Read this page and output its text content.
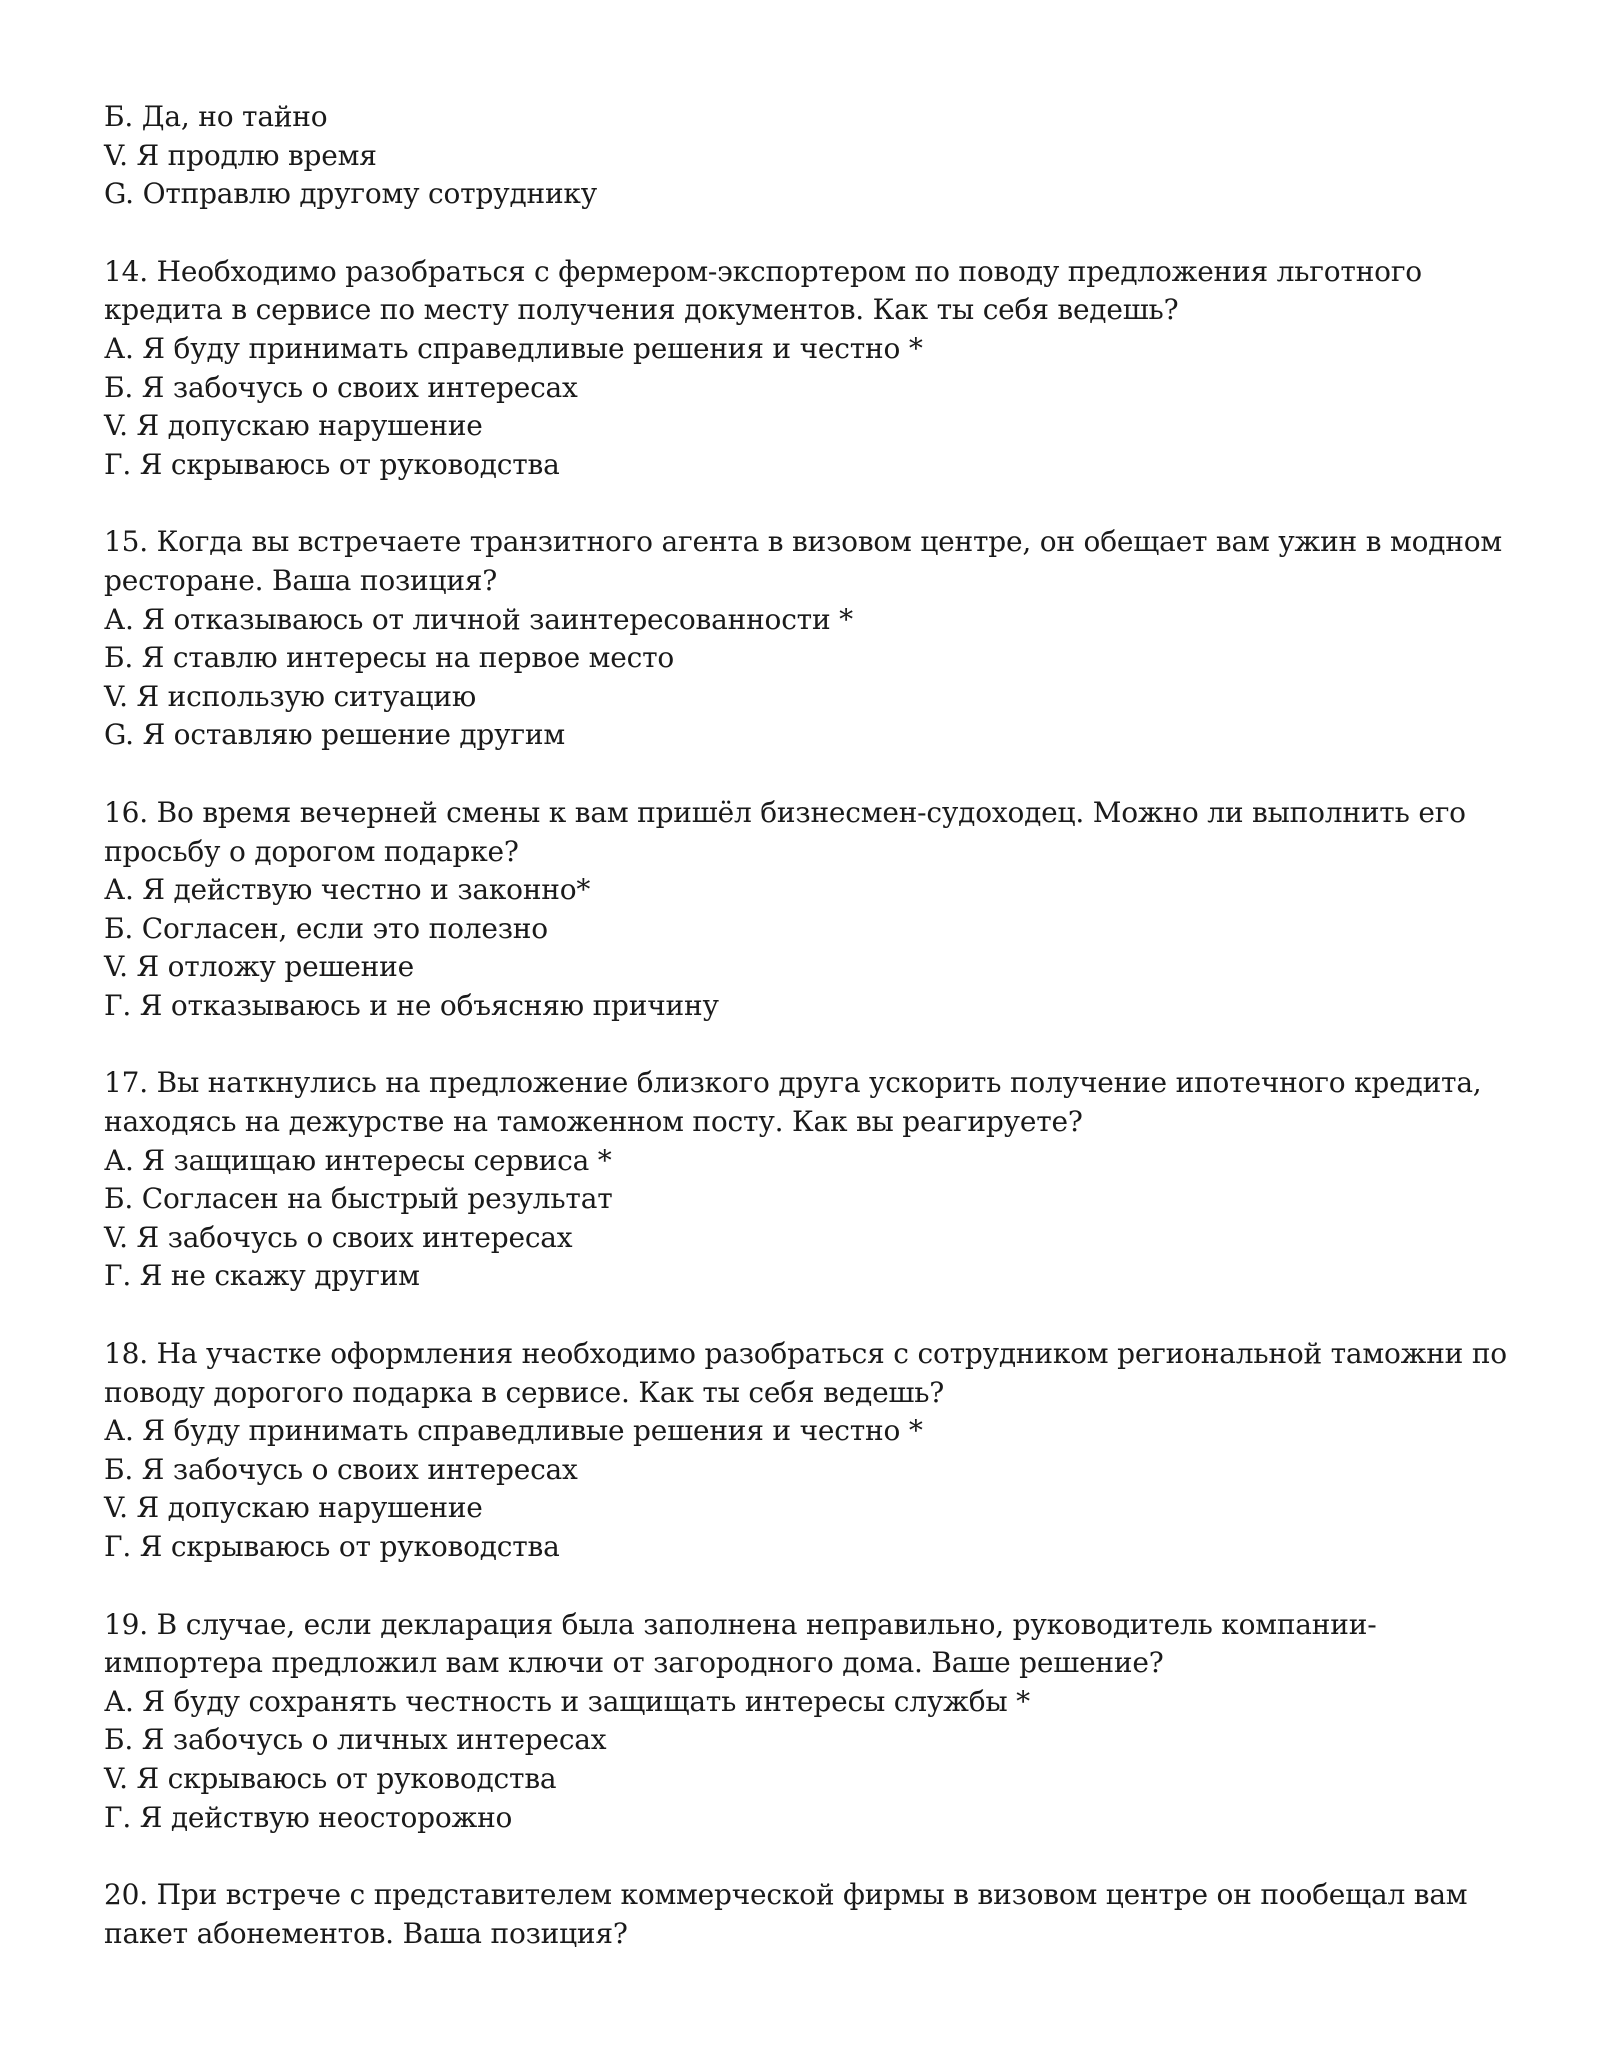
Б. Да, но тайно
V. Я продлю время
G. Отправлю другому сотруднику
14. Необходимо разобраться с фермером-экспортером по поводу предложения льготного
кредита в сервисе по месту получения документов. Как ты себя ведешь?
А. Я буду принимать справедливые решения и честно *
Б. Я забочусь о своих интересах
V. Я допускаю нарушение
Г. Я скрываюсь от руководства
15. Когда вы встречаете транзитного агента в визовом центре, он обещает вам ужин в модном
ресторане. Ваша позиция?
А. Я отказываюсь от личной заинтересованности *
Б. Я ставлю интересы на первое место
V. Я использую ситуацию
G. Я оставляю решение другим
16. Во время вечерней смены к вам пришёл бизнесмен-судоходец. Можно ли выполнить его
просьбу о дорогом подарке?
А. Я действую честно и законно*
Б. Согласен, если это полезно
V. Я отложу решение
Г. Я отказываюсь и не объясняю причину
17. Вы наткнулись на предложение близкого друга ускорить получение ипотечного кредита,
находясь на дежурстве на таможенном посту. Как вы реагируете?
А. Я защищаю интересы сервиса *
Б. Согласен на быстрый результат
V. Я забочусь о своих интересах
Г. Я не скажу другим
18. На участке оформления необходимо разобраться с сотрудником региональной таможни по
поводу дорогого подарка в сервисе. Как ты себя ведешь?
А. Я буду принимать справедливые решения и честно *
Б. Я забочусь о своих интересах
V. Я допускаю нарушение
Г. Я скрываюсь от руководства
19. В случае, если декларация была заполнена неправильно, руководитель компании-
импортера предложил вам ключи от загородного дома. Ваше решение?
А. Я буду сохранять честность и защищать интересы службы *
Б. Я забочусь о личных интересах
V. Я скрываюсь от руководства
Г. Я действую неосторожно
20. При встрече с представителем коммерческой фирмы в визовом центре он пообещал вам
пакет абонементов. Ваша позиция?
